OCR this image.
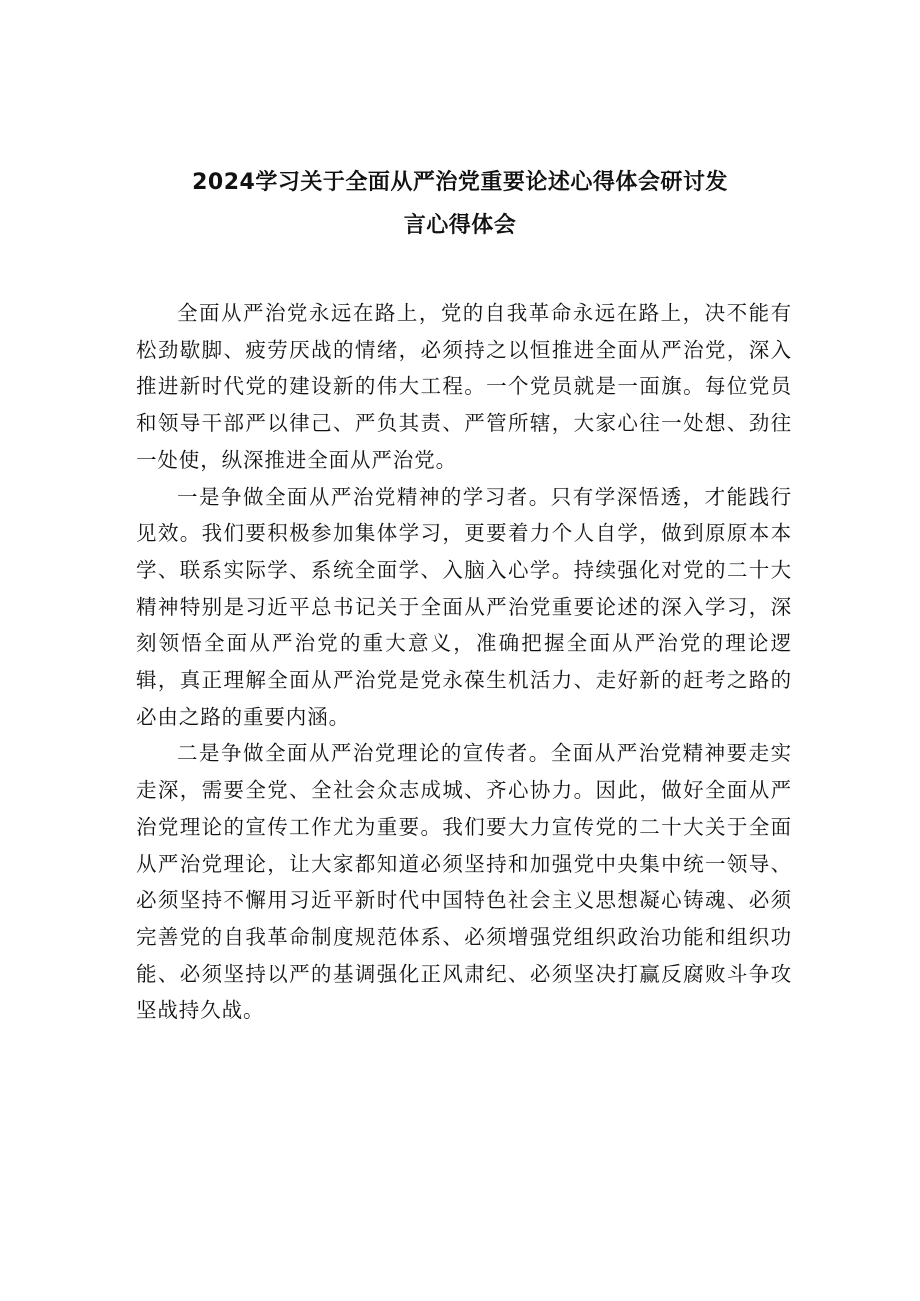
2024学习关于全面从严治党重要论述心得体会研讨发
言心得体会

全面从严治党永远在路上，党的自我革命永远在路上，决不能有松劲歇脚、疲劳厌战的情绪，必须持之以恒推进全面从严治党，深入推进新时代党的建设新的伟大工程。一个党员就是一面旗。每位党员和领导干部严以律己、严负其责、严管所辖，大家心往一处想、劲往一处使，纵深推进全面从严治党。

一是争做全面从严治党精神的学习者。只有学深悟透，才能践行见效。我们要积极参加集体学习，更要着力个人自学，做到原原本本学、联系实际学、系统全面学、入脑入心学。持续强化对党的二十大精神特别是习近平总书记关于全面从严治党重要论述的深入学习，深刻领悟全面从严治党的重大意义，准确把握全面从严治党的理论逻辑，真正理解全面从严治党是党永葆生机活力、走好新的赶考之路的必由之路的重要内涵。

二是争做全面从严治党理论的宣传者。全面从严治党精神要走实走深，需要全党、全社会众志成城、齐心协力。因此，做好全面从严治党理论的宣传工作尤为重要。我们要大力宣传党的二十大关于全面从严治党理论，让大家都知道必须坚持和加强党中央集中统一领导、必须坚持不懈用习近平新时代中国特色社会主义思想凝心铸魂、必须完善党的自我革命制度规范体系、必须增强党组织政治功能和组织功能、必须坚持以严的基调强化正风肃纪、必须坚决打赢反腐败斗争攻坚战持久战。
